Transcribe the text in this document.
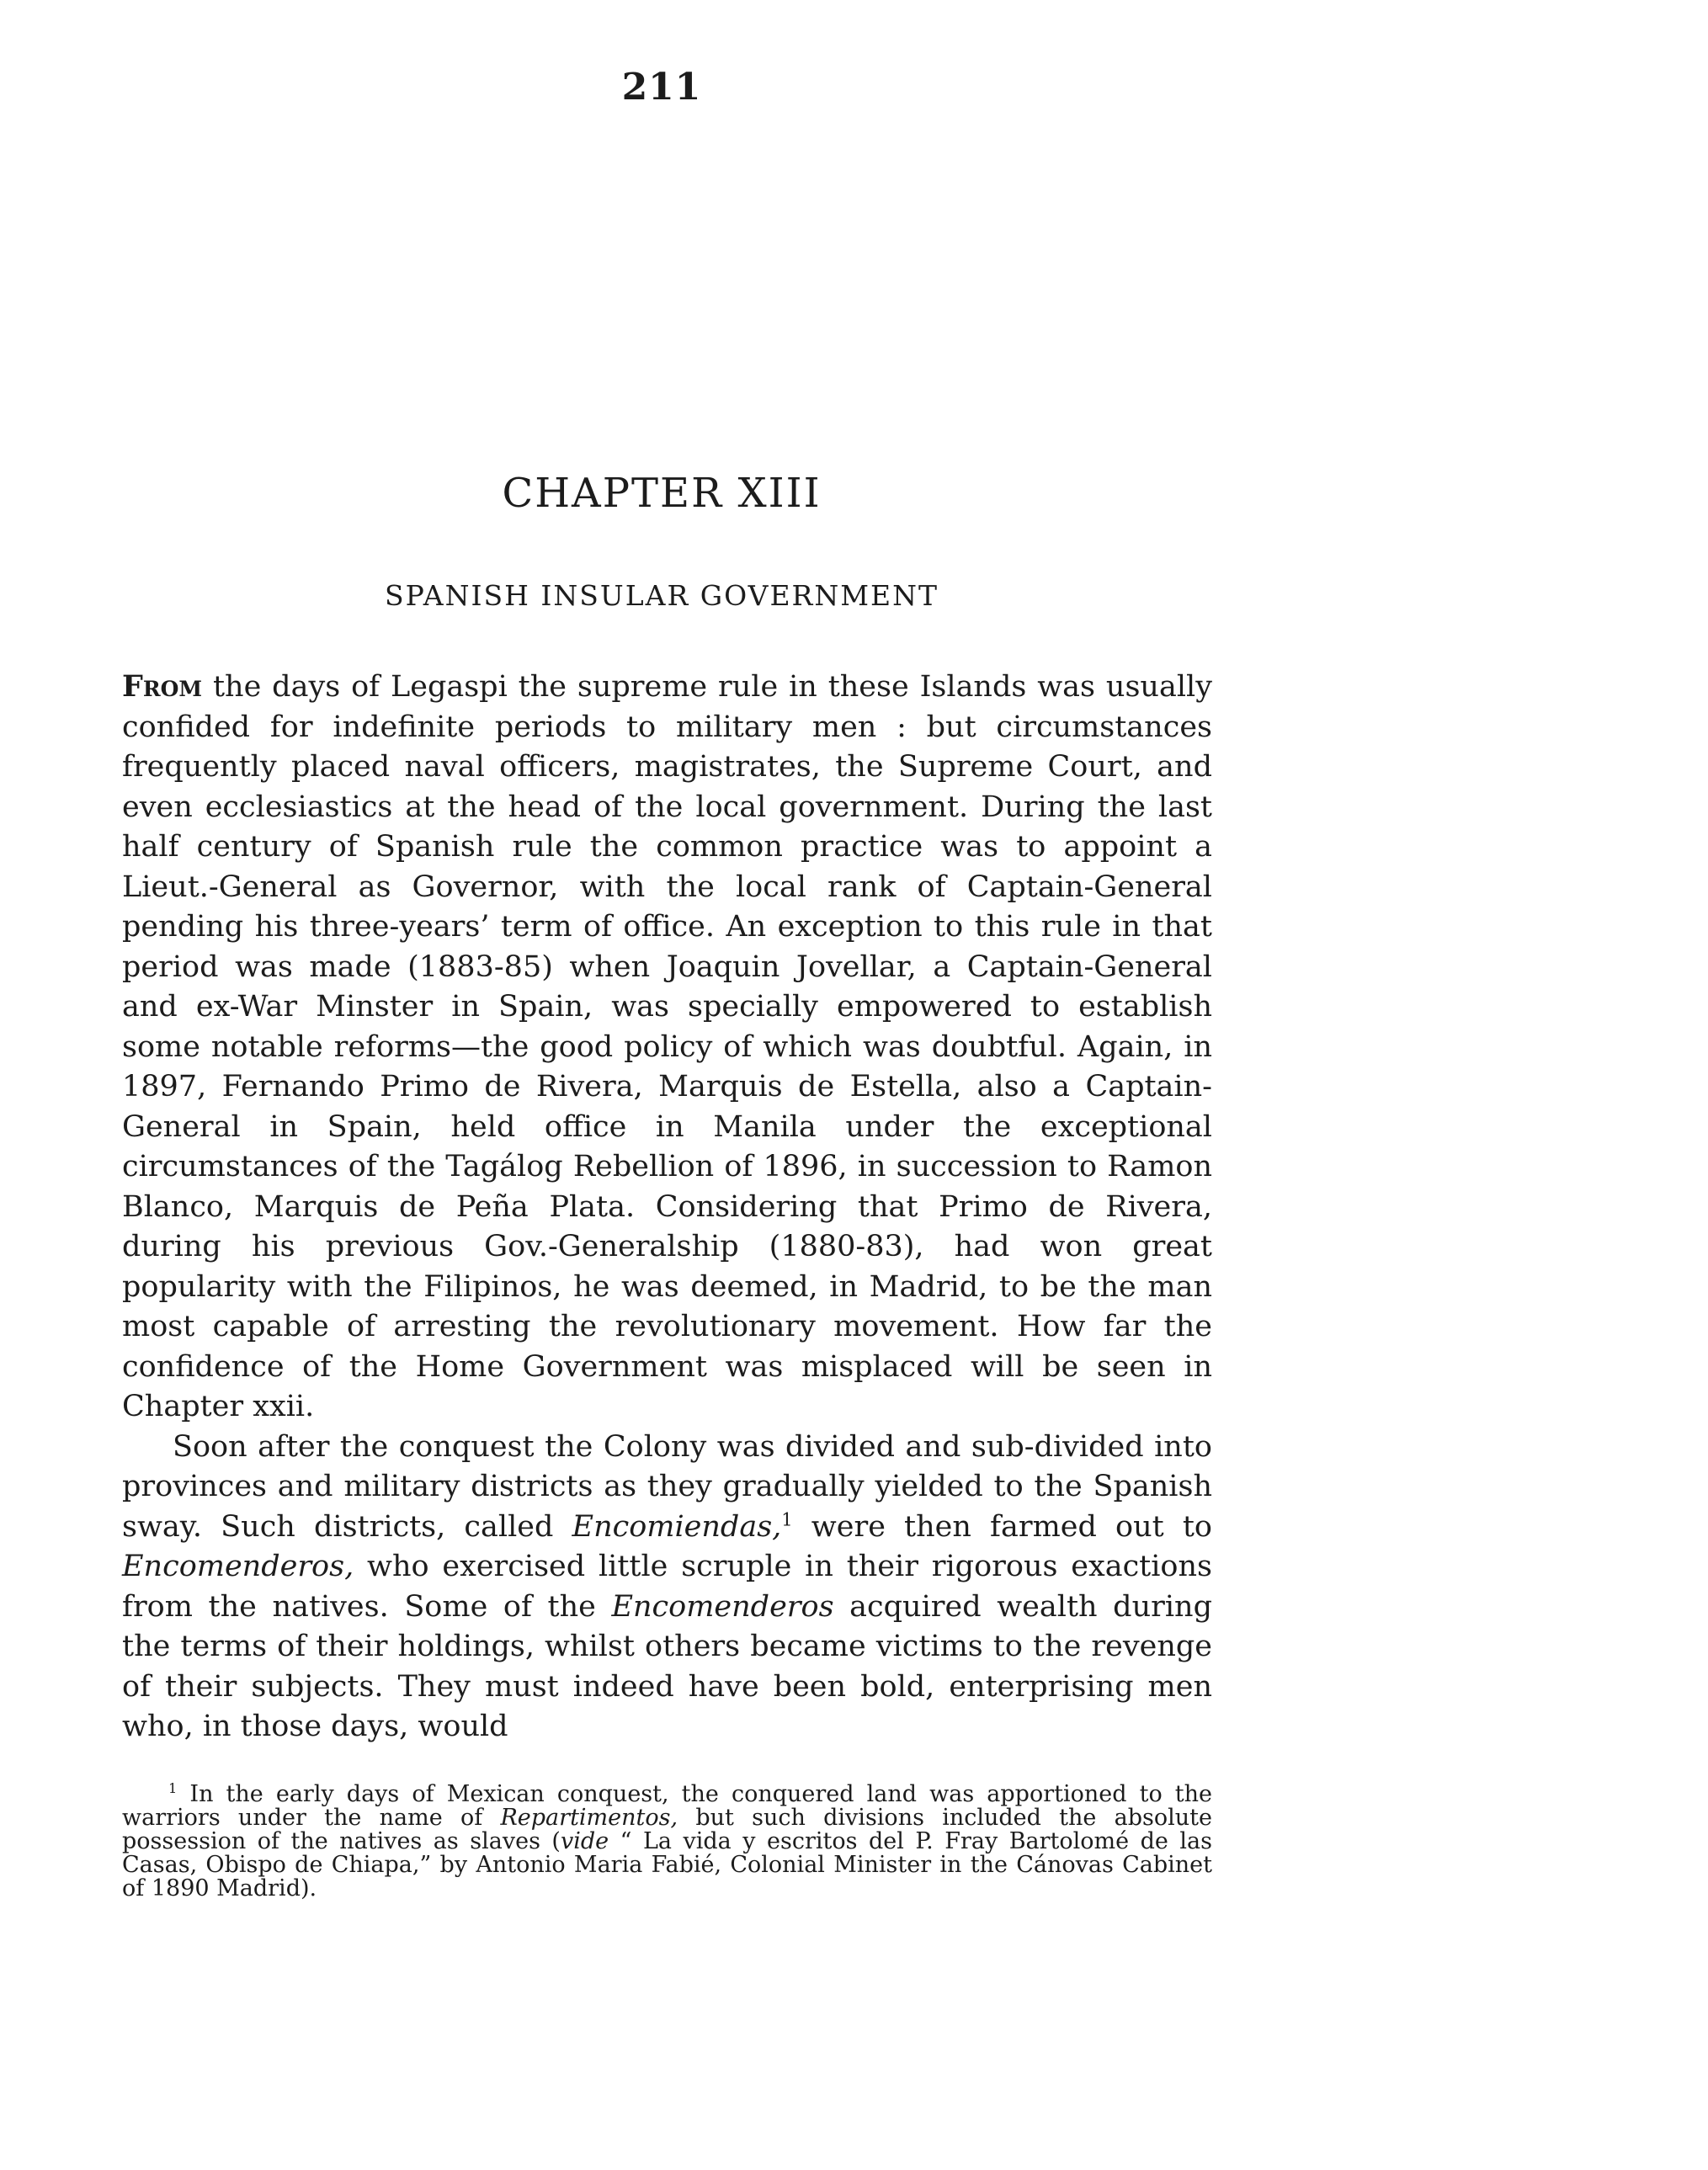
211
CHAPTER XIII
SPANISH INSULAR GOVERNMENT

From the days of Legaspi the supreme rule in these Islands was usually confided for indefinite periods to military men : but circumstances frequently placed naval officers, magistrates, the Supreme Court, and even ecclesiastics at the head of the local government. During the last half century of Spanish rule the common practice was to appoint a Lieut.-General as Governor, with the local rank of Captain-General pending his three-years’ term of office. An exception to this rule in that period was made (1883-85) when Joaquin Jovellar, a Captain-General and ex-War Minster in Spain, was specially empowered to establish some notable reforms—the good policy of which was doubtful. Again, in 1897, Fernando Primo de Rivera, Marquis de Estella, also a Captain-General in Spain, held office in Manila under the exceptional circumstances of the Tagálog Rebellion of 1896, in succession to Ramon Blanco, Marquis de Peña Plata. Considering that Primo de Rivera, during his previous Gov.-Generalship (1880-83), had won great popularity with the Filipinos, he was deemed, in Madrid, to be the man most capable of arresting the revolutionary movement. How far the confidence of the Home Government was misplaced will be seen in Chapter xxii.

Soon after the conquest the Colony was divided and sub-divided into provinces and military districts as they gradually yielded to the Spanish sway. Such districts, called Encomiendas,$^1$ were then farmed out to Encomenderos, who exercised little scruple in their rigorous exactions from the natives. Some of the Encomenderos acquired wealth during the terms of their holdings, whilst others became victims to the revenge of their subjects. They must indeed have been bold, enterprising men who, in those days, would

$^1$ In the early days of Mexican conquest, the conquered land was apportioned to the warriors under the name of Repartimentos, but such divisions included the absolute possession of the natives as slaves (vide “ La vida y escritos del P. Fray Bartolomé de las Casas, Obispo de Chiapa,” by Antonio Maria Fabié, Colonial Minister in the Cánovas Cabinet of 1890 Madrid).
